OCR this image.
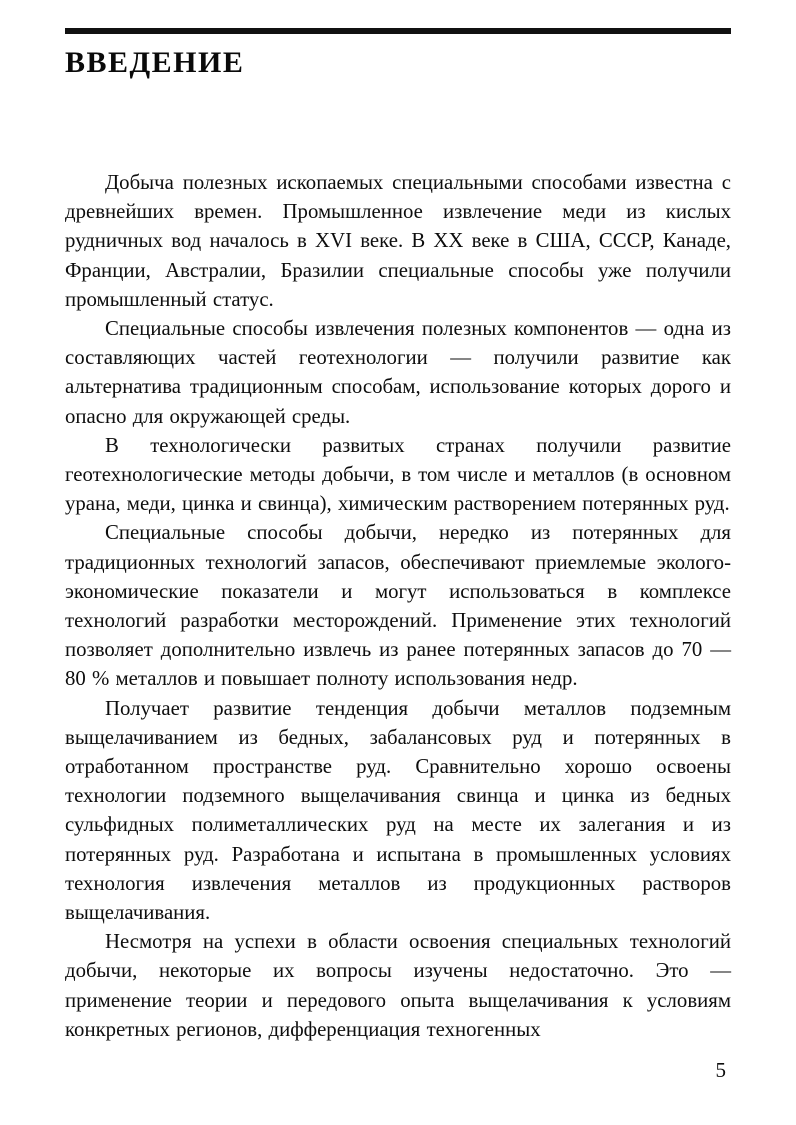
ВВЕДЕНИЕ

Добыча полезных ископаемых специальными способами известна с древнейших времен. Промышленное извлечение меди из кислых рудничных вод началось в XVI веке. В XX веке в США, СССР, Канаде, Франции, Австралии, Бразилии специальные способы уже получили промышленный статус.

Специальные способы извлечения полезных компонентов — одна из составляющих частей геотехнологии — получили развитие как альтернатива традиционным способам, использование которых дорого и опасно для окружающей среды.

В технологически развитых странах получили развитие геотехнологические методы добычи, в том числе и металлов (в основном урана, меди, цинка и свинца), химическим растворением потерянных руд.

Специальные способы добычи, нередко из потерянных для традиционных технологий запасов, обеспечивают приемлемые эколого-экономические показатели и могут использоваться в комплексе технологий разработки месторождений. Применение этих технологий позволяет дополнительно извлечь из ранее потерянных запасов до 70 — 80 % металлов и повышает полноту использования недр.

Получает развитие тенденция добычи металлов подземным выщелачиванием из бедных, забалансовых руд и потерянных в отработанном пространстве руд. Сравнительно хорошо освоены технологии подземного выщелачивания свинца и цинка из бедных сульфидных полиметаллических руд на месте их залегания и из потерянных руд. Разработана и испытана в промышленных условиях технология извлечения металлов из продукционных растворов выщелачивания.

Несмотря на успехи в области освоения специальных технологий добычи, некоторые их вопросы изучены недостаточно. Это — применение теории и передового опыта выщелачивания к условиям конкретных регионов, дифференциация техногенных

5
